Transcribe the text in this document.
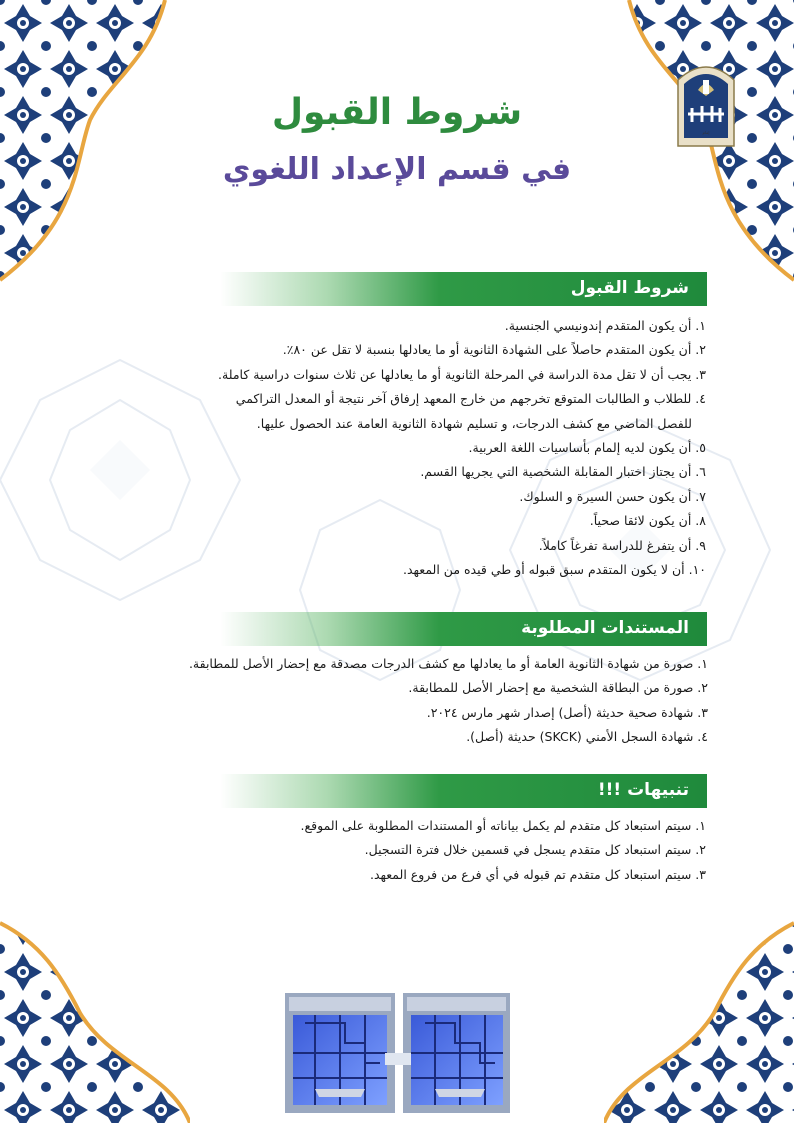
إمام
شروط القبول
في قسم الإعداد اللغوي
شروط القبول
١. أن يكون المتقدم إندونيسي الجنسية.
٢. أن يكون المتقدم حاصلاً على الشهادة الثانوية أو ما يعادلها بنسبة لا تقل عن ٨٠٪.
٣. يجب أن لا تقل مدة الدراسة في المرحلة الثانوية أو ما يعادلها عن ثلاث سنوات دراسية كاملة.
٤. للطلاب و الطالبات المتوقع تخرجهم من خارج المعهد إرفاق آخر نتيجة أو المعدل التراكمي
للفصل الماضي مع كشف الدرجات، و تسليم شهادة الثانوية العامة عند الحصول عليها.
٥. أن يكون لديه إلمام بأساسيات اللغة العربية.
٦. أن يجتاز اختبار المقابلة الشخصية التي يجريها القسم.
٧. أن يكون حسن السيرة و السلوك.
٨. أن يكون لائقا صحياً.
٩. أن يتفرغ للدراسة تفرغاً كاملاً.
١٠. أن لا يكون المتقدم سبق قبوله أو طي قيده من المعهد.
المستندات المطلوبة
١. صورة من شهادة الثانوية العامة أو ما يعادلها مع كشف الدرجات مصدقة مع إحضار الأصل للمطابقة.
٢. صورة من البطاقة الشخصية مع إحضار الأصل للمطابقة.
٣. شهادة صحية حديثة (أصل) إصدار شهر مارس ٢٠٢٤.
٤. شهادة السجل الأمني (SKCK) حديثة (أصل).
تنبيهات !!!
١. سيتم استبعاد كل متقدم لم يكمل بياناته أو المستندات المطلوبة على الموقع.
٢. سيتم استبعاد كل متقدم يسجل في قسمين خلال فترة التسجيل.
٣. سيتم استبعاد كل متقدم تم قبوله في أي فرع من فروع المعهد.
